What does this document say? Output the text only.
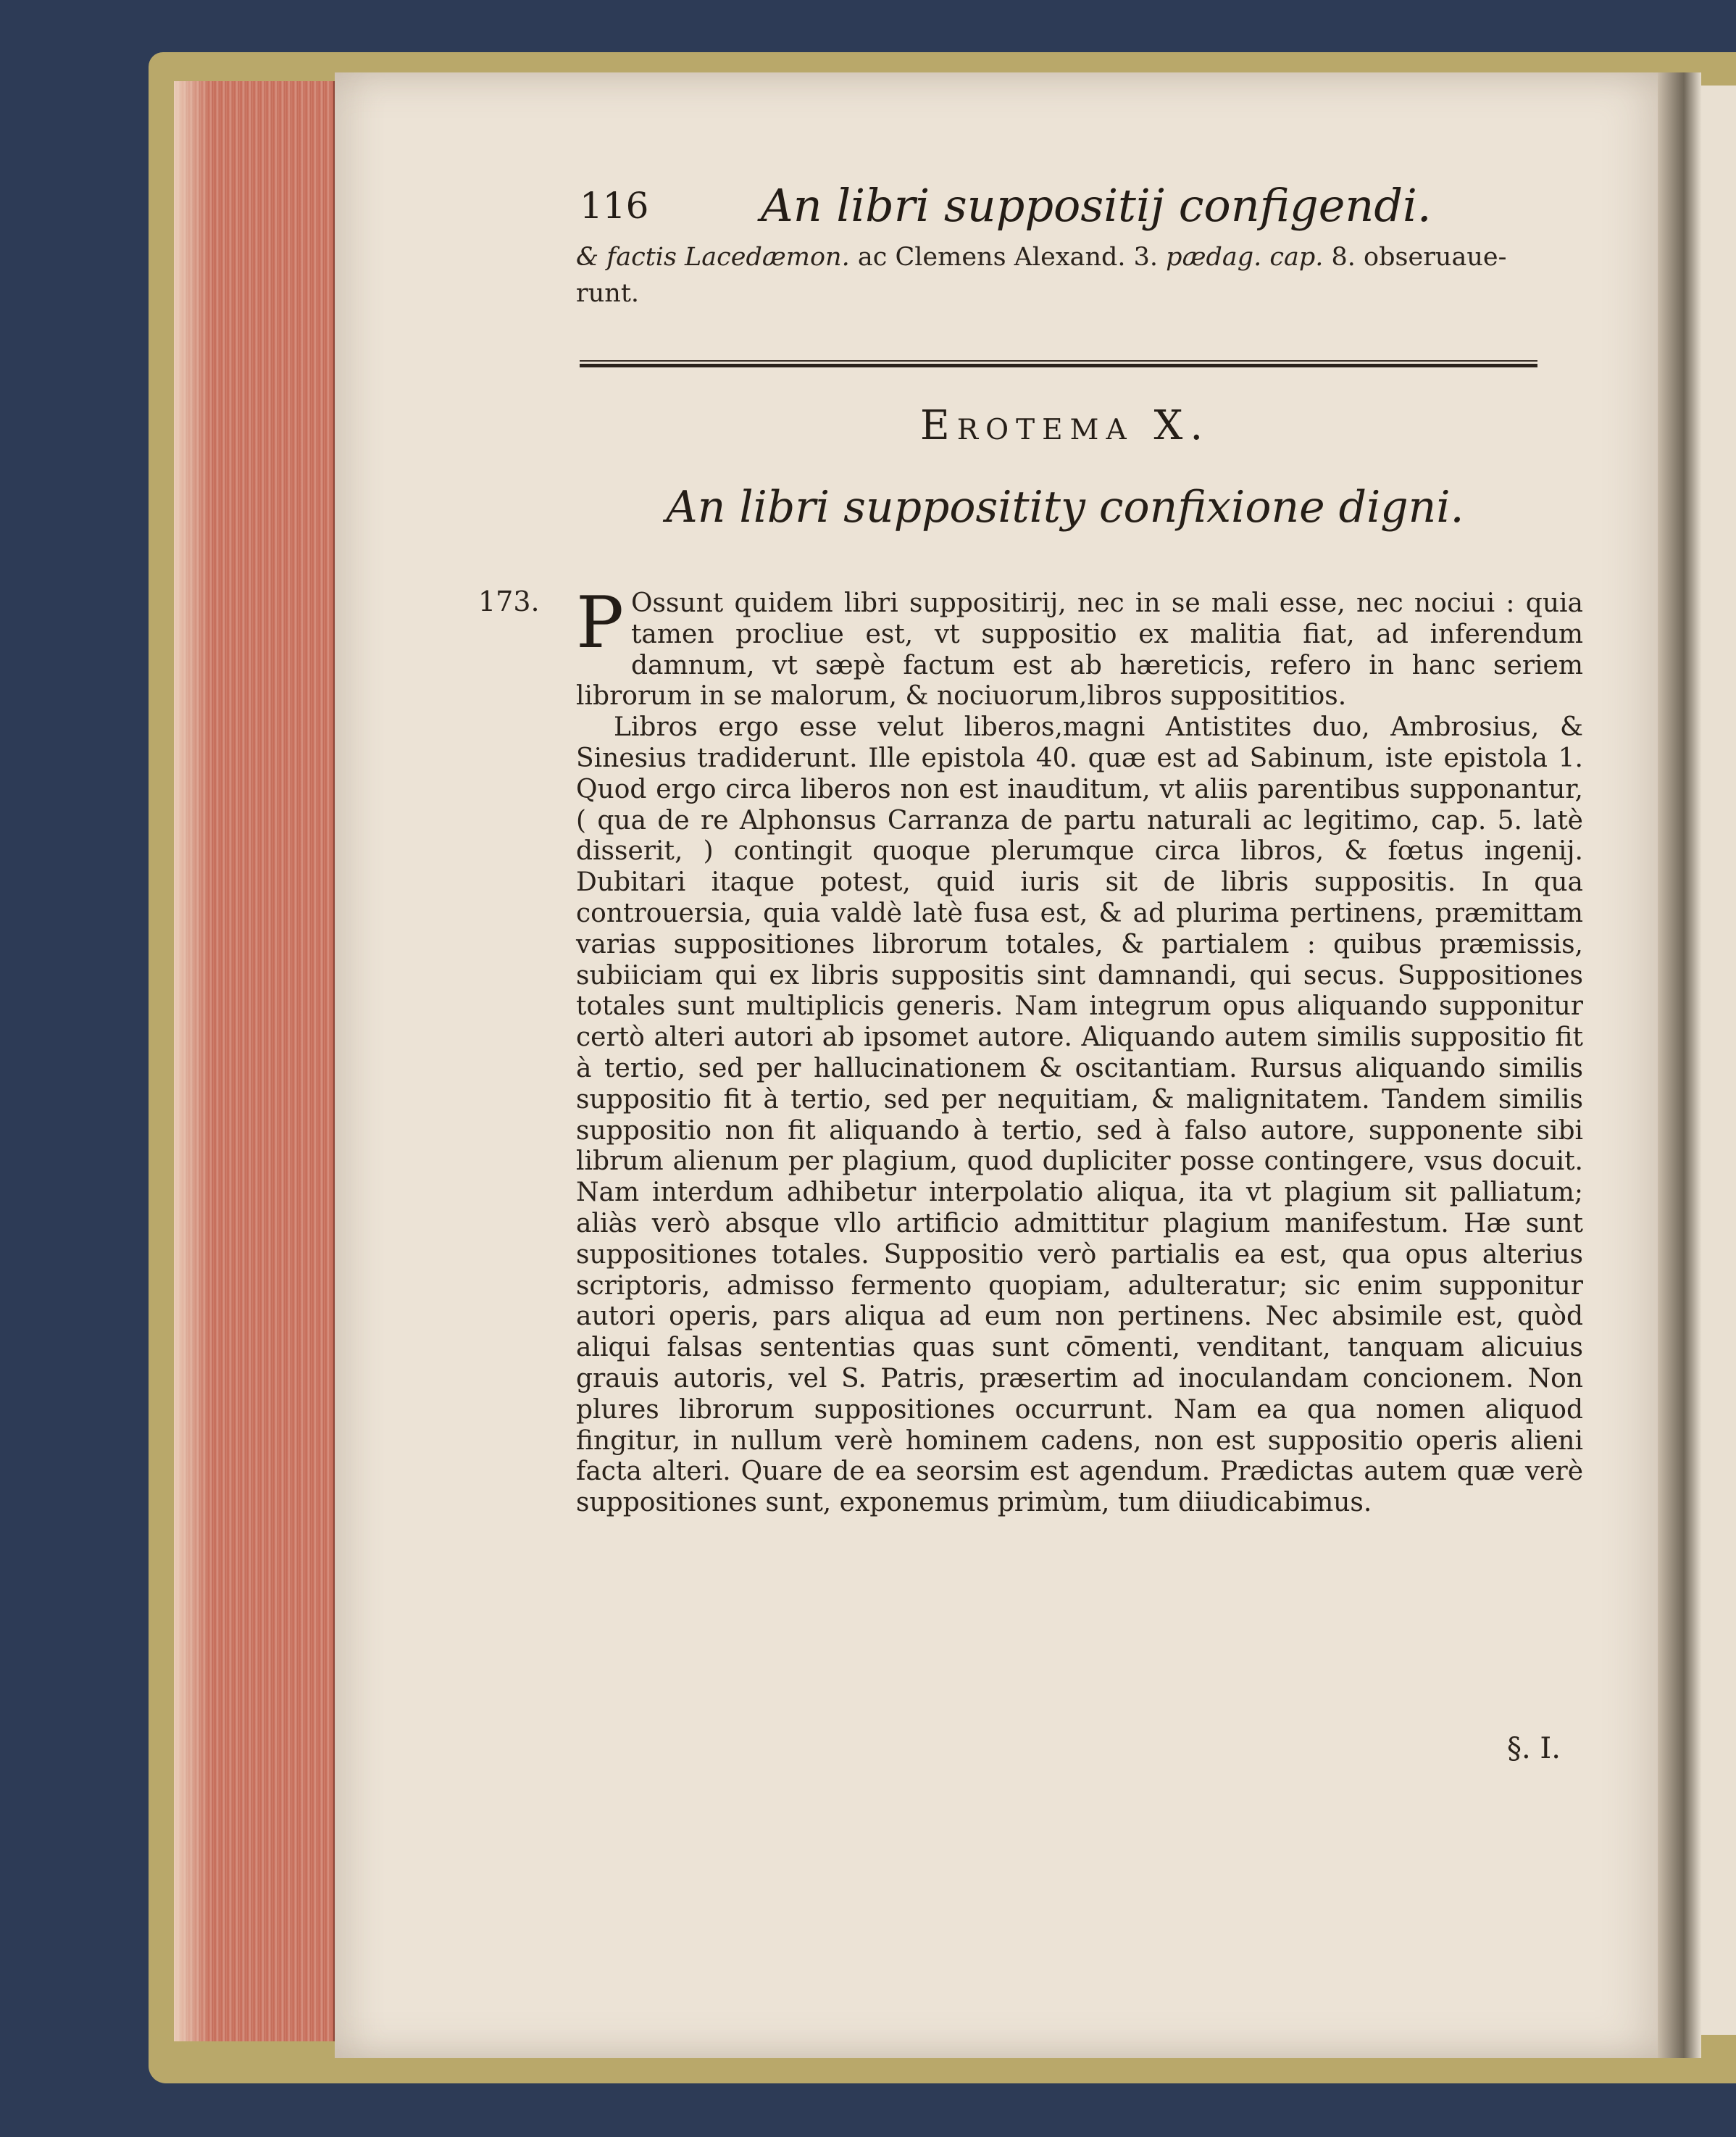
116 An libri suppositij configendi.
& factis Lacedæmon. ac Clemens Alexand. 3. pædag. cap. 8. obseruaue-
runt.
Erotema X.
An libri suppositity confixione digni.
173. P Ossunt quidem libri suppositirij, nec in se mali esse, nec nociui : quia tamen procliue est, vt suppositio ex malitia fiat, ad inferendum damnum, vt sæpè factum est ab hæreticis, refero in hanc seriem librorum in se malorum, & nociuorum,libros supposititios.

Libros ergo esse velut liberos,magni Antistites duo, Ambrosius, & Sinesius tradiderunt. Ille epistola 40. quæ est ad Sabinum, iste epistola 1. Quod ergo circa liberos non est inauditum, vt aliis parentibus supponantur, ( qua de re Alphonsus Carranza de partu naturali ac legitimo, cap. 5. latè disserit, ) contingit quoque plerumque circa libros, & fœtus ingenij. Dubitari itaque potest, quid iuris sit de libris suppositis. In qua controuersia, quia valdè latè fusa est, & ad plurima pertinens, præmittam varias suppositiones librorum totales, & partialem : quibus præmissis, subiiciam qui ex libris suppositis sint damnandi, qui secus. Suppositiones totales sunt multiplicis generis. Nam integrum opus aliquando supponitur certò alteri autori ab ipsomet autore. Aliquando autem similis suppositio fit à tertio, sed per hallucinationem & oscitantiam. Rursus aliquando similis suppositio fit à tertio, sed per nequitiam, & malignitatem. Tandem similis suppositio non fit aliquando à tertio, sed à falso autore, supponente sibi librum alienum per plagium, quod dupliciter posse contingere, vsus docuit. Nam interdum adhibetur interpolatio aliqua, ita vt plagium sit palliatum; aliàs verò absque vllo artificio admittitur plagium manifestum. Hæ sunt suppositiones totales. Suppositio verò partialis ea est, qua opus alterius scriptoris, admisso fermento quopiam, adulteratur; sic enim supponitur autori operis, pars aliqua ad eum non pertinens. Nec absimile est, quòd aliqui falsas sententias quas sunt cōmenti, venditant, tanquam alicuius grauis autoris, vel S. Patris, præsertim ad inoculandam concionem. Non plures librorum suppositiones occurrunt. Nam ea qua nomen aliquod fingitur, in nullum verè hominem cadens, non est suppositio operis alieni facta alteri. Quare de ea seorsim est agendum. Prædictas autem quæ verè suppositiones sunt, exponemus primùm, tum diiudicabimus.

§. I.
